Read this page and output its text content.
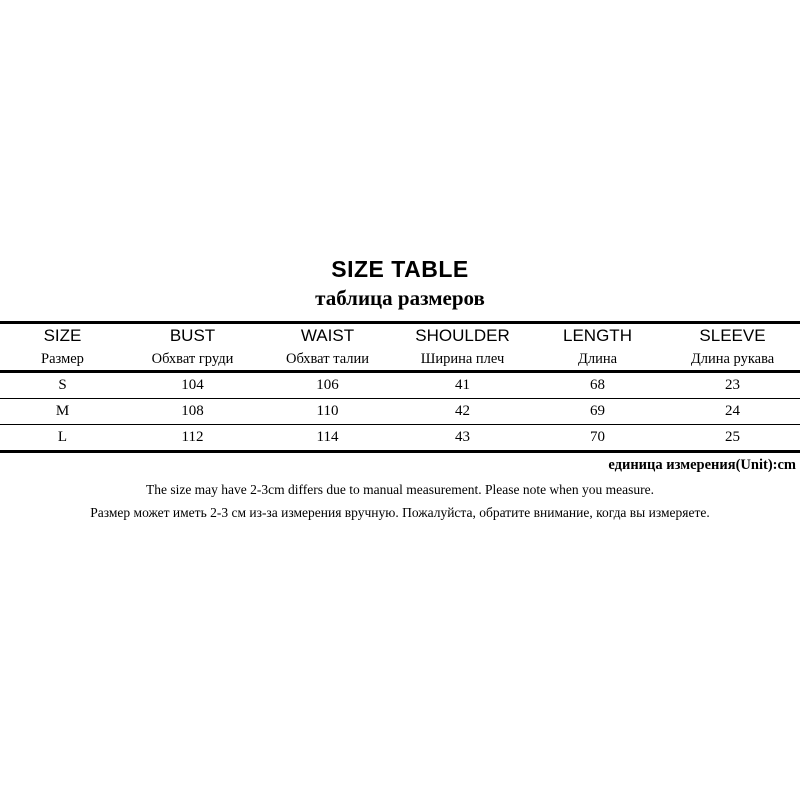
SIZE TABLE
таблица размеров

SIZE	BUST	WAIST	SHOULDER	LENGTH	SLEEVE
Размер	Обхват груди	Обхват талии	Ширина плеч	Длина	Длина рукава

S	104	106	41	68	23

M	108	110	42	69	24

L	112	114	43	70	25

единица измерения(Unit):cm
The size may have 2-3cm differs due to manual measurement. Please note when you measure.
Размер может иметь 2-3 см из-за измерения вручную. Пожалуйста, обратите внимание, когда вы измеряете.
